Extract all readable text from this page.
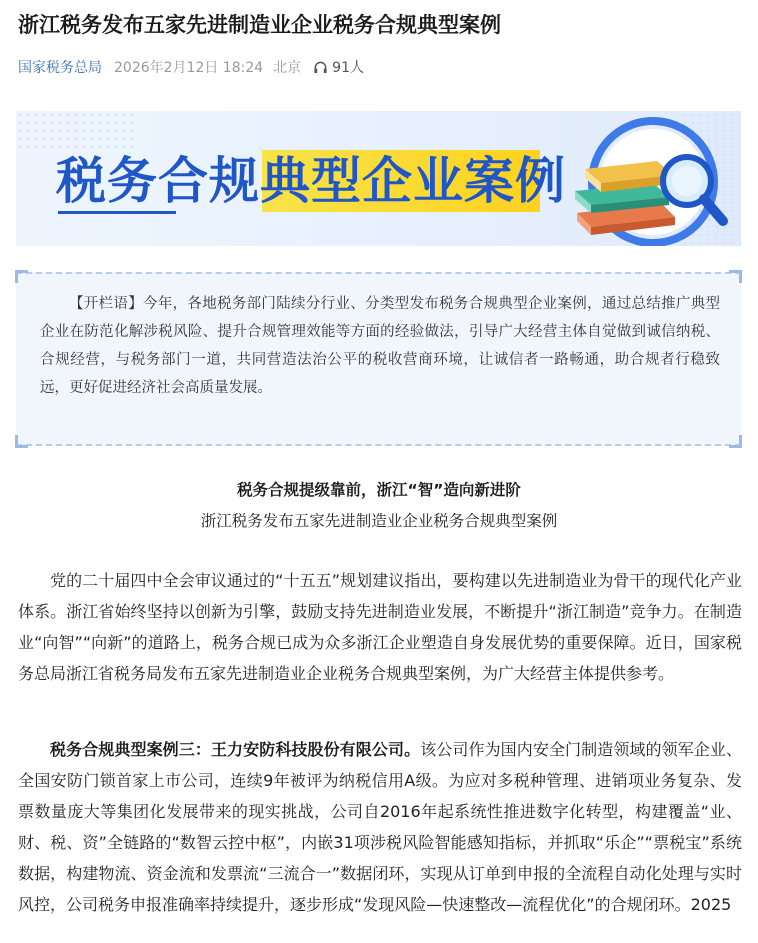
浙江税务发布五家先进制造业企业税务合规典型案例
国家税务总局 2026年2月12日 18:24 北京 91人
税务合规典型企业案例
【开栏语】今年，各地税务部门陆续分行业、分类型发布税务合规典型企业案例，通过总结推广典型企业在防范化解涉税风险、提升合规管理效能等方面的经验做法，引导广大经营主体自觉做到诚信纳税、合规经营，与税务部门一道，共同营造法治公平的税收营商环境，让诚信者一路畅通，助合规者行稳致远，更好促进经济社会高质量发展。
税务合规提级靠前，浙江“智”造向新进阶
浙江税务发布五家先进制造业企业税务合规典型案例
党的二十届四中全会审议通过的“十五五”规划建议指出，要构建以先进制造业为骨干的现代化产业体系。浙江省始终坚持以创新为引擎，鼓励支持先进制造业发展，不断提升“浙江制造”竞争力。在制造业“向智”“向新”的道路上，税务合规已成为众多浙江企业塑造自身发展优势的重要保障。近日，国家税务总局浙江省税务局发布五家先进制造业企业税务合规典型案例，为广大经营主体提供参考。
税务合规典型案例三：王力安防科技股份有限公司。该公司作为国内安全门制造领域的领军企业、全国安防门锁首家上市公司，连续9年被评为纳税信用A级。为应对多税种管理、进销项业务复杂、发票数量庞大等集团化发展带来的现实挑战，公司自2016年起系统性推进数字化转型，构建覆盖“业、财、税、资”全链路的“数智云控中枢”，内嵌31项涉税风险智能感知指标，并抓取“乐企”“票税宝”系统数据，构建物流、资金流和发票流“三流合一”数据闭环，实现从订单到申报的全流程自动化处理与实时风控，公司税务申报准确率持续提升，逐步形成“发现风险—快速整改—流程优化”的合规闭环。2025
